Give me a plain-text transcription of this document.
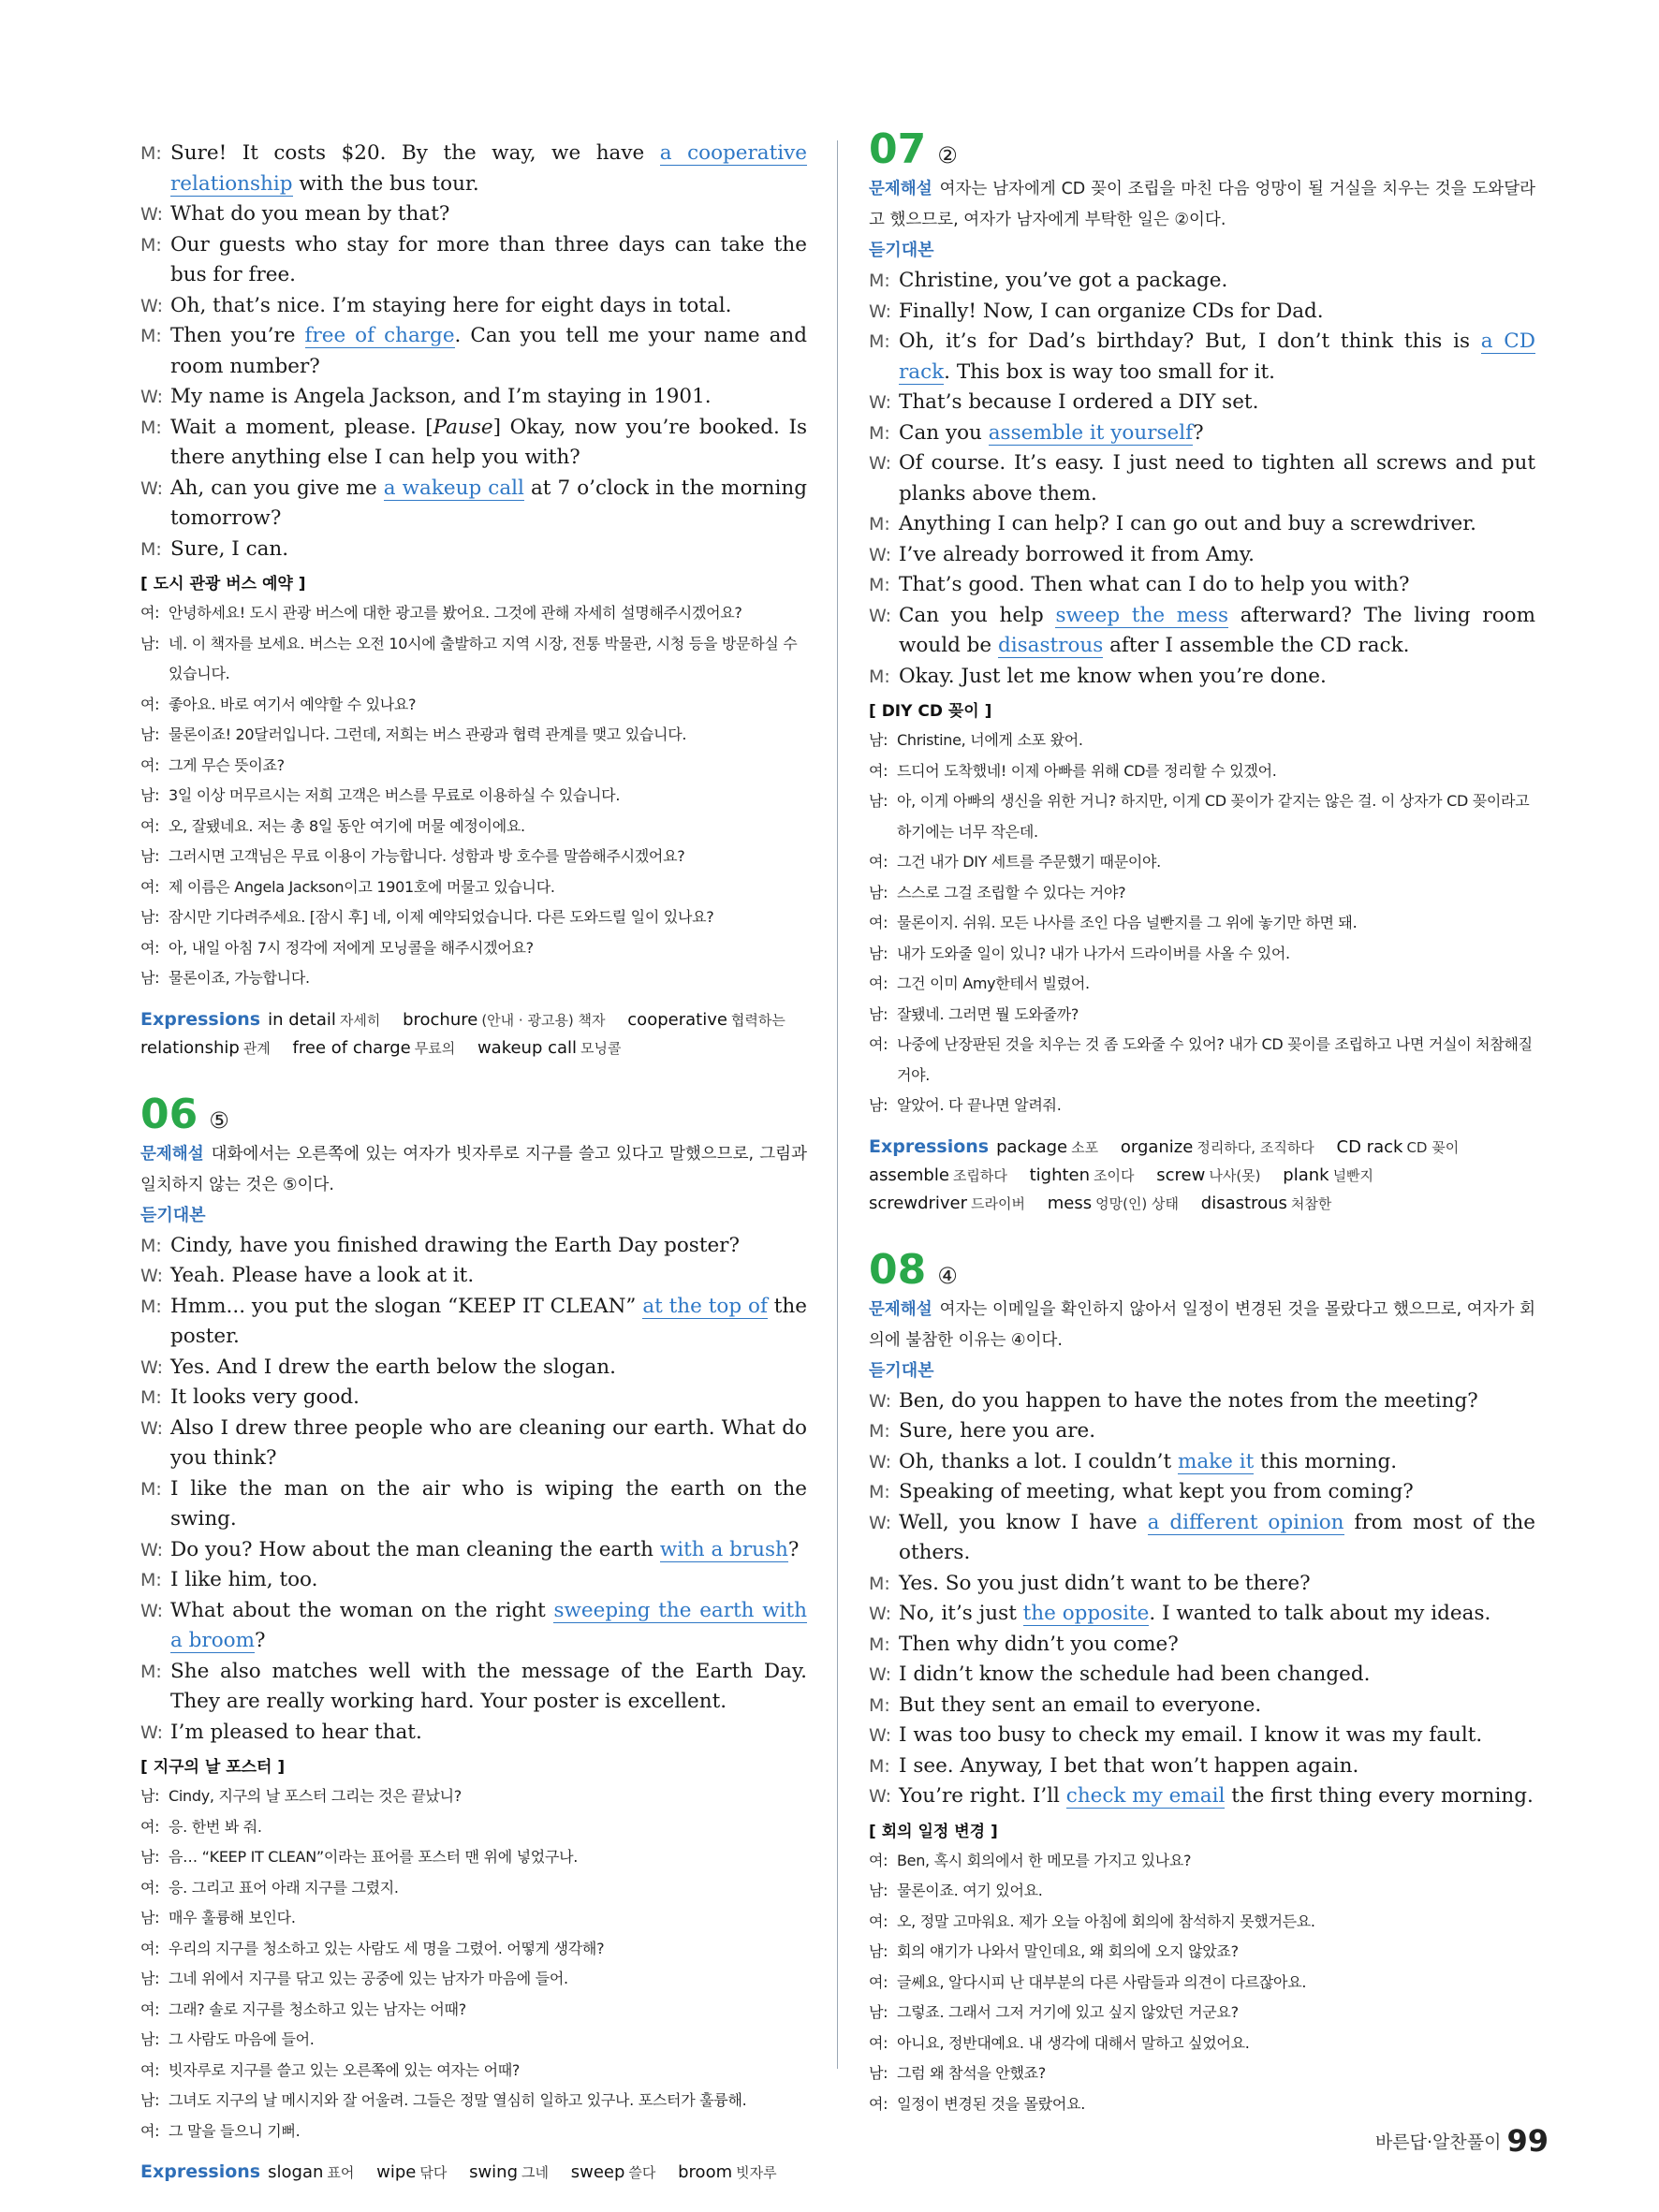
M: Sure! It costs $20. By the way, we have a cooperative relationship with the bus tour.
W: What do you mean by that?
M: Our guests who stay for more than three days can take the bus for free.
W: Oh, that’s nice. I’m staying here for eight days in total.
M: Then you’re free of charge. Can you tell me your name and room number?
W: My name is Angela Jackson, and I’m staying in 1901.
M: Wait a moment, please. [Pause] Okay, now you’re booked. Is there anything else I can help you with?
W: Ah, can you give me a wakeup call at 7 o’clock in the morning tomorrow?
M: Sure, I can.
[ 도시 관광 버스 예약 ]
여: 안녕하세요! 도시 관광 버스에 대한 광고를 봤어요. 그것에 관해 자세히 설명해주시겠어요?
남: 네. 이 책자를 보세요. 버스는 오전 10시에 출발하고 지역 시장, 전통 박물관, 시청 등을 방문하실 수 있습니다.
여: 좋아요. 바로 여기서 예약할 수 있나요?
남: 물론이죠! 20달러입니다. 그런데, 저희는 버스 관광과 협력 관계를 맺고 있습니다.
여: 그게 무슨 뜻이죠?
남: 3일 이상 머무르시는 저희 고객은 버스를 무료로 이용하실 수 있습니다.
여: 오, 잘됐네요. 저는 총 8일 동안 여기에 머물 예정이에요.
남: 그러시면 고객님은 무료 이용이 가능합니다. 성함과 방 호수를 말씀해주시겠어요?
여: 제 이름은 Angela Jackson이고 1901호에 머물고 있습니다.
남: 잠시만 기다려주세요. [잠시 후] 네, 이제 예약되었습니다. 다른 도와드릴 일이 있나요?
여: 아, 내일 아침 7시 정각에 저에게 모닝콜을 해주시겠어요?
남: 물론이죠, 가능합니다.
Expressions in detail 자세히 brochure (안내 · 광고용) 책자 cooperative 협력하는 relationship 관계 free of charge 무료의 wakeup call 모닝콜
06 ⑤
문제해설 대화에서는 오른쪽에 있는 여자가 빗자루로 지구를 쓸고 있다고 말했으므로, 그림과 일치하지 않는 것은 ⑤이다.
듣기대본
M: Cindy, have you finished drawing the Earth Day poster?
W: Yeah. Please have a look at it.
M: Hmm... you put the slogan “KEEP IT CLEAN” at the top of the poster.
W: Yes. And I drew the earth below the slogan.
M: It looks very good.
W: Also I drew three people who are cleaning our earth. What do you think?
M: I like the man on the air who is wiping the earth on the swing.
W: Do you? How about the man cleaning the earth with a brush?
M: I like him, too.
W: What about the woman on the right sweeping the earth with a broom?
M: She also matches well with the message of the Earth Day. They are really working hard. Your poster is excellent.
W: I’m pleased to hear that.
[ 지구의 날 포스터 ]
남: Cindy, 지구의 날 포스터 그리는 것은 끝났니?
여: 응. 한번 봐 줘.
남: 음… “KEEP IT CLEAN”이라는 표어를 포스터 맨 위에 넣었구나.
여: 응. 그리고 표어 아래 지구를 그렸지.
남: 매우 훌륭해 보인다.
여: 우리의 지구를 청소하고 있는 사람도 세 명을 그렸어. 어떻게 생각해?
남: 그네 위에서 지구를 닦고 있는 공중에 있는 남자가 마음에 들어.
여: 그래? 솔로 지구를 청소하고 있는 남자는 어때?
남: 그 사람도 마음에 들어.
여: 빗자루로 지구를 쓸고 있는 오른쪽에 있는 여자는 어때?
남: 그녀도 지구의 날 메시지와 잘 어울려. 그들은 정말 열심히 일하고 있구나. 포스터가 훌륭해.
여: 그 말을 들으니 기뻐.
Expressions slogan 표어 wipe 닦다 swing 그네 sweep 쓸다 broom 빗자루
07 ②
문제해설 여자는 남자에게 CD 꽂이 조립을 마친 다음 엉망이 될 거실을 치우는 것을 도와달라고 했으므로, 여자가 남자에게 부탁한 일은 ②이다.
듣기대본
M: Christine, you’ve got a package.
W: Finally! Now, I can organize CDs for Dad.
M: Oh, it’s for Dad’s birthday? But, I don’t think this is a CD rack. This box is way too small for it.
W: That’s because I ordered a DIY set.
M: Can you assemble it yourself?
W: Of course. It’s easy. I just need to tighten all screws and put planks above them.
M: Anything I can help? I can go out and buy a screwdriver.
W: I’ve already borrowed it from Amy.
M: That’s good. Then what can I do to help you with?
W: Can you help sweep the mess afterward? The living room would be disastrous after I assemble the CD rack.
M: Okay. Just let me know when you’re done.
[ DIY CD 꽂이 ]
남: Christine, 너에게 소포 왔어.
여: 드디어 도착했네! 이제 아빠를 위해 CD를 정리할 수 있겠어.
남: 아, 이게 아빠의 생신을 위한 거니? 하지만, 이게 CD 꽂이가 같지는 않은 걸. 이 상자가 CD 꽂이라고 하기에는 너무 작은데.
여: 그건 내가 DIY 세트를 주문했기 때문이야.
남: 스스로 그걸 조립할 수 있다는 거야?
여: 물론이지. 쉬워. 모든 나사를 조인 다음 널빤지를 그 위에 놓기만 하면 돼.
남: 내가 도와줄 일이 있니? 내가 나가서 드라이버를 사올 수 있어.
여: 그건 이미 Amy한테서 빌렸어.
남: 잘됐네. 그러면 뭘 도와줄까?
여: 나중에 난장판된 것을 치우는 것 좀 도와줄 수 있어? 내가 CD 꽂이를 조립하고 나면 거실이 처참해질거야.
남: 알았어. 다 끝나면 알려줘.
Expressions package 소포 organize 정리하다, 조직하다 CD rack CD 꽂이 assemble 조립하다 tighten 조이다 screw 나사(못) plank 널빤지 screwdriver 드라이버 mess 엉망(인) 상태 disastrous 처참한
08 ④
문제해설 여자는 이메일을 확인하지 않아서 일정이 변경된 것을 몰랐다고 했으므로, 여자가 회의에 불참한 이유는 ④이다.
듣기대본
W: Ben, do you happen to have the notes from the meeting?
M: Sure, here you are.
W: Oh, thanks a lot. I couldn’t make it this morning.
M: Speaking of meeting, what kept you from coming?
W: Well, you know I have a different opinion from most of the others.
M: Yes. So you just didn’t want to be there?
W: No, it’s just the opposite. I wanted to talk about my ideas.
M: Then why didn’t you come?
W: I didn’t know the schedule had been changed.
M: But they sent an email to everyone.
W: I was too busy to check my email. I know it was my fault.
M: I see. Anyway, I bet that won’t happen again.
W: You’re right. I’ll check my email the first thing every morning.
[ 회의 일정 변경 ]
여: Ben, 혹시 회의에서 한 메모를 가지고 있나요?
남: 물론이죠. 여기 있어요.
여: 오, 정말 고마워요. 제가 오늘 아침에 회의에 참석하지 못했거든요.
남: 회의 얘기가 나와서 말인데요, 왜 회의에 오지 않았죠?
여: 글쎄요, 알다시피 난 대부분의 다른 사람들과 의견이 다르잖아요.
남: 그렇죠. 그래서 그저 거기에 있고 싶지 않았던 거군요?
여: 아니요, 정반대예요. 내 생각에 대해서 말하고 싶었어요.
남: 그럼 왜 참석을 안했죠?
여: 일정이 변경된 것을 몰랐어요.
바른답·알찬풀이 99
